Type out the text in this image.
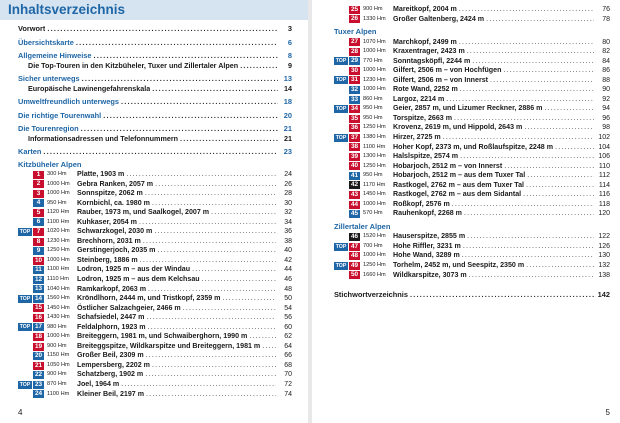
Inhaltsverzeichnis
Vorwort .....	3
Übersichtskarte .....	6
Allgemeine Hinweise .....	8
Die Top-Touren in den Kitzbüheler, Tuxer und Zillertaler Alpen .....	9
Sicher unterwegs .....	13
Europäische Lawinengefahrenskala .....	14
Umweltfreundlich unterwegs .....	18
Die richtige Tourenwahl .....	20
Die Tourenregion .....	21
Informationsadressen und Telefonnummern .....	21
Karten .....	23
Kitzbüheler Alpen
1	300 Hm	Platte, 1903 m .....	24
2	1000 Hm	Gebra Ranken, 2057 m .....	26
3	1000 Hm	Sonnspitze, 2062 m .....	28
4	950 Hm	Kornbichl, ca. 1980 m .....	30
5	1120 Hm	Rauber, 1973 m, und Saalkogel, 2007 m .....	32
6	1100 Hm	Kuhkaser, 2054 m .....	34
TOP	7	1020 Hm	Schwarzkogel, 2030 m .....	36
8	1230 Hm	Brechhorn, 2031 m .....	38
9	1250 Hm	Gerstingerjoch, 2035 m .....	40
10 1000 Hm	Steinberg, 1886 m .....	42
11 1100 Hm	Lodron, 1925 m – aus der Windau .....	44
12 1110 Hm	Lodron, 1925 m – aus dem Kelchsau .....	46
13 1040 Hm	Ramkarkopf, 2063 m .....	48
TOP 14 1560 Hm	Kröndlhorn, 2444 m, und Tristkopf, 2359 m .....	50
15 1450 Hm	Östlicher Salzachgeier, 2466 m .....	54
16 1430 Hm	Schafsiedel, 2447 m .....	56
TOP 17 980 Hm	Feldalphorn, 1923 m .....	60
18 1000 Hm	Breiteggern, 1981 m, und Schwaiberghorn, 1990 m .....	62
19 900 Hm	Breiteggspitze, Wildkarspitze und Breiteggern, 1981 m .....	64
20 1150 Hm	Großer Beil, 2309 m .....	66
21 1050 Hm	Lempersberg, 2202 m .....	68
22 900 Hm	Schatzberg, 1902 m .....	70
TOP 23 870 Hm	Joel, 1964 m .....	72
24 1100 Hm	Kleiner Beil, 2197 m .....	74
4
25 900 Hm	Mareitkopf, 2004 m .....	76
26 1330 Hm	Großer Galtenberg, 2424 m .....	78
Tuxer Alpen
27 1070 Hm	Marchkopf, 2499 m .....	80
28 1000 Hm	Kraxentrager, 2423 m .....	82
TOP 29 770 Hm	Sonntagsköpfl, 2244 m .....	84
30 1000 Hm	Gilfert, 2506 m – von Hochfügen .....	86
TOP 31 1230 Hm	Gilfert, 2506 m – von Innerst .....	88
32 1000 Hm	Rote Wand, 2252 m .....	90
33 860 Hm	Largoz, 2214 m .....	92
TOP 34 950 Hm	Geier, 2857 m, und Lizumer Reckner, 2886 m .....	94
35 950 Hm	Torspitze, 2663 m .....	96
36 1250 Hm	Krovenz, 2619 m, und Hippold, 2643 m .....	98
TOP 37 1380 Hm	Hirzer, 2725 m .....	102
38 1100 Hm	Hoher Kopf, 2373 m, und Roßlaufspitze, 2248 m .....	104
39 1300 Hm	Halslspitze, 2574 m .....	106
40 1250 Hm	Hobarjoch, 2512 m – von Innerst .....	110
41 950 Hm	Hobarjoch, 2512 m – aus dem Tuxer Tal .....	112
42 1170 Hm	Rastkogel, 2762 m – aus dem Tuxer Tal .....	114
43 1450 Hm	Rastkogel, 2762 m – aus dem Sidantal .....	116
44 1000 Hm	Roßkopf, 2576 m .....	118
45 570 Hm	Rauhenkopf, 2268 m .....	120
Zillertaler Alpen
46 1520 Hm	Hauserspitze, 2855 m .....	122
TOP 47 700 Hm	Hohe Riffler, 3231 m .....	126
48 1000 Hm	Hohe Wand, 3289 m .....	130
TOP 49 1250 Hm	Torhelm, 2452 m, und Seespitz, 2350 m .....	132
50 1660 Hm	Wildkarspitze, 3073 m .....	138
Stichwortverzeichnis .....	142
5
